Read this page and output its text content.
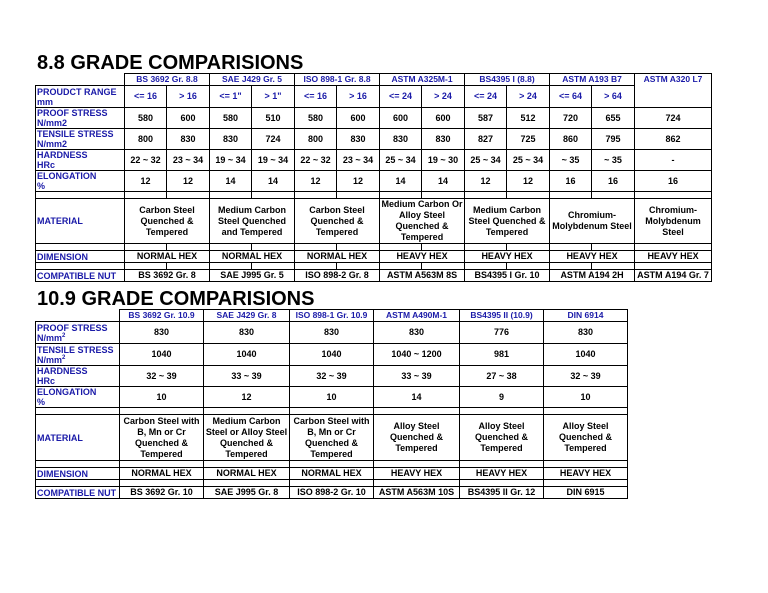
8.8 GRADE COMPARISIONS
	BS 3692 Gr. 8.8		SAE J429 Gr. 5		ISO 898-1 Gr. 8.8		ASTM A325M-1		BS4395 I (8.8)		ASTM A193 B7		ASTM A320 L7
PROUDCT RANGE
mm	<= 16	> 16	<= 1"	> 1"	<= 16	> 16	<= 24	> 24	<= 24	> 24	<= 64	> 64	
PROOF STRESS
N/mm2	580	600	580	510	580	600	600	600	587	512	720	655	724
TENSILE STRESS
N/mm2	800	830	830	724	800	830	830	830	827	725	860	795	862
HARDNESS
HRc	22 ~ 32	23 ~ 34	19 ~ 34	19 ~ 34	22 ~ 32	23 ~ 34	25 ~ 34	19 ~ 30	25 ~ 34	25 ~ 34	~ 35	~ 35	-
ELONGATION
%	12	12	14	14	12	12	14	14	12	12	16	16	16

MATERIAL	Carbon Steel
Quenched &
Tempered		Medium Carbon
Steel Quenched
and Tempered		Carbon Steel
Quenched &
Tempered		Medium Carbon Or
Alloy Steel
Quenched &
Tempered		Medium Carbon
Steel Quenched &
Tempered		Chromium-
Molybdenum Steel		Chromium-
Molybdenum
Steel

DIMENSION	NORMAL HEX		NORMAL HEX		NORMAL HEX		HEAVY HEX		HEAVY HEX		HEAVY HEX		HEAVY HEX

COMPATIBLE NUT	BS 3692 Gr. 8		SAE J995 Gr. 5		ISO 898-2 Gr. 8		ASTM A563M 8S		BS4395 I Gr. 10		ASTM A194 2H		ASTM A194 Gr. 7
10.9 GRADE COMPARISIONS
	BS 3692 Gr. 10.9	SAE J429 Gr. 8	ISO 898-1 Gr. 10.9	ASTM A490M-1	BS4395 II (10.9)	DIN 6914
PROOF STRESS
$N/mm^2$	830	830	830	830	776	830
TENSILE STRESS
$N/mm^2$	1040	1040	1040	1040 ~ 1200	981	1040
HARDNESS
HRc	32 ~ 39	33 ~ 39	32 ~ 39	33 ~ 39	27 ~ 38	32 ~ 39
ELONGATION
%	10	12	10	14	9	10

MATERIAL	Carbon Steel with
B, Mn or Cr
Quenched &
Tempered	Medium Carbon
Steel or Alloy Steel
Quenched &
Tempered	Carbon Steel with
B, Mn or Cr
Quenched &
Tempered	Alloy Steel
Quenched &
Tempered	Alloy Steel
Quenched &
Tempered	Alloy Steel
Quenched &
Tempered

DIMENSION	NORMAL HEX	NORMAL HEX	NORMAL HEX	HEAVY HEX	HEAVY HEX	HEAVY HEX

COMPATIBLE NUT	BS 3692 Gr. 10	SAE J995 Gr. 8	ISO 898-2 Gr. 10	ASTM A563M 10S	BS4395 II Gr. 12	DIN 6915
